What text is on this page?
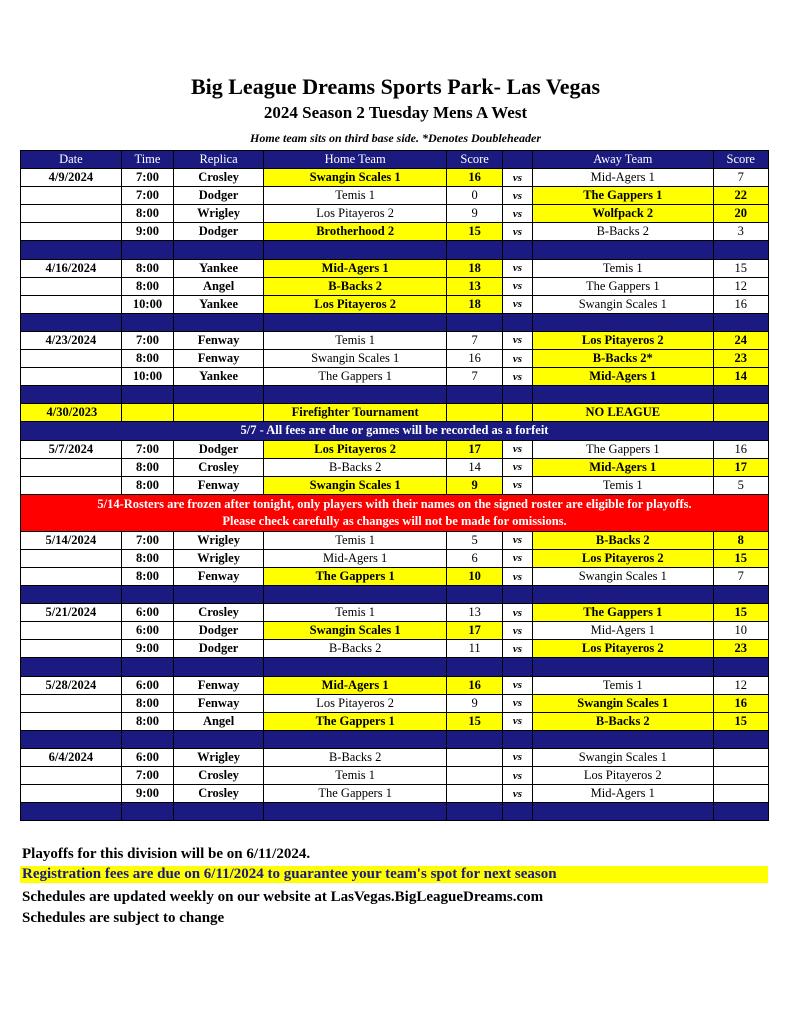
Big League Dreams Sports Park- Las Vegas
2024 Season 2 Tuesday Mens A West
Home team sits on third base side. *Denotes Doubleheader
Date	Time	Replica	Home Team	Score		Away Team	Score
4/9/2024	7:00	Crosley	Swangin Scales 1	16	vs	Mid-Agers 1	7
	7:00	Dodger	Temis 1	0	vs	The Gappers 1	22
	8:00	Wrigley	Los Pitayeros 2	9	vs	Wolfpack 2	20
	9:00	Dodger	Brotherhood 2	15	vs	B-Backs 2	3

4/16/2024	8:00	Yankee	Mid-Agers 1	18	vs	Temis 1	15
	8:00	Angel	B-Backs 2	13	vs	The Gappers 1	12
	10:00	Yankee	Los Pitayeros 2	18	vs	Swangin Scales 1	16

4/23/2024	7:00	Fenway	Temis 1	7	vs	Los Pitayeros 2	24
	8:00	Fenway	Swangin Scales 1	16	vs	B-Backs 2*	23
	10:00	Yankee	The Gappers 1	7	vs	Mid-Agers 1	14

4/30/2023			Firefighter Tournament			NO LEAGUE	
5/7 - All fees are due or games will be recorded as a forfeit							
5/7/2024	7:00	Dodger	Los Pitayeros 2	17	vs	The Gappers 1	16
	8:00	Crosley	B-Backs 2	14	vs	Mid-Agers 1	17
	8:00	Fenway	Swangin Scales 1	9	vs	Temis 1	5

5/14-Rosters are frozen after tonight, only players with their names on the signed roster are eligible for playoffs.
Please check carefully as changes will not be made for omissions.							

5/14/2024	7:00	Wrigley	Temis 1	5	vs	B-Backs 2	8
	8:00	Wrigley	Mid-Agers 1	6	vs	Los Pitayeros 2	15
	8:00	Fenway	The Gappers 1	10	vs	Swangin Scales 1	7

5/21/2024	6:00	Crosley	Temis 1	13	vs	The Gappers 1	15
	6:00	Dodger	Swangin Scales 1	17	vs	Mid-Agers 1	10
	9:00	Dodger	B-Backs 2	11	vs	Los Pitayeros 2	23

5/28/2024	6:00	Fenway	Mid-Agers 1	16	vs	Temis 1	12
	8:00	Fenway	Los Pitayeros 2	9	vs	Swangin Scales 1	16
	8:00	Angel	The Gappers 1	15	vs	B-Backs 2	15

6/4/2024	6:00	Wrigley	B-Backs 2		vs	Swangin Scales 1	
	7:00	Crosley	Temis 1		vs	Los Pitayeros 2	
	9:00	Crosley	The Gappers 1		vs	Mid-Agers 1	

Playoffs for this division will be on 6/11/2024.
Registration fees are due on 6/11/2024 to guarantee your team's spot for next season
Schedules are updated weekly on our website at LasVegas.BigLeagueDreams.com
Schedules are subject to change
